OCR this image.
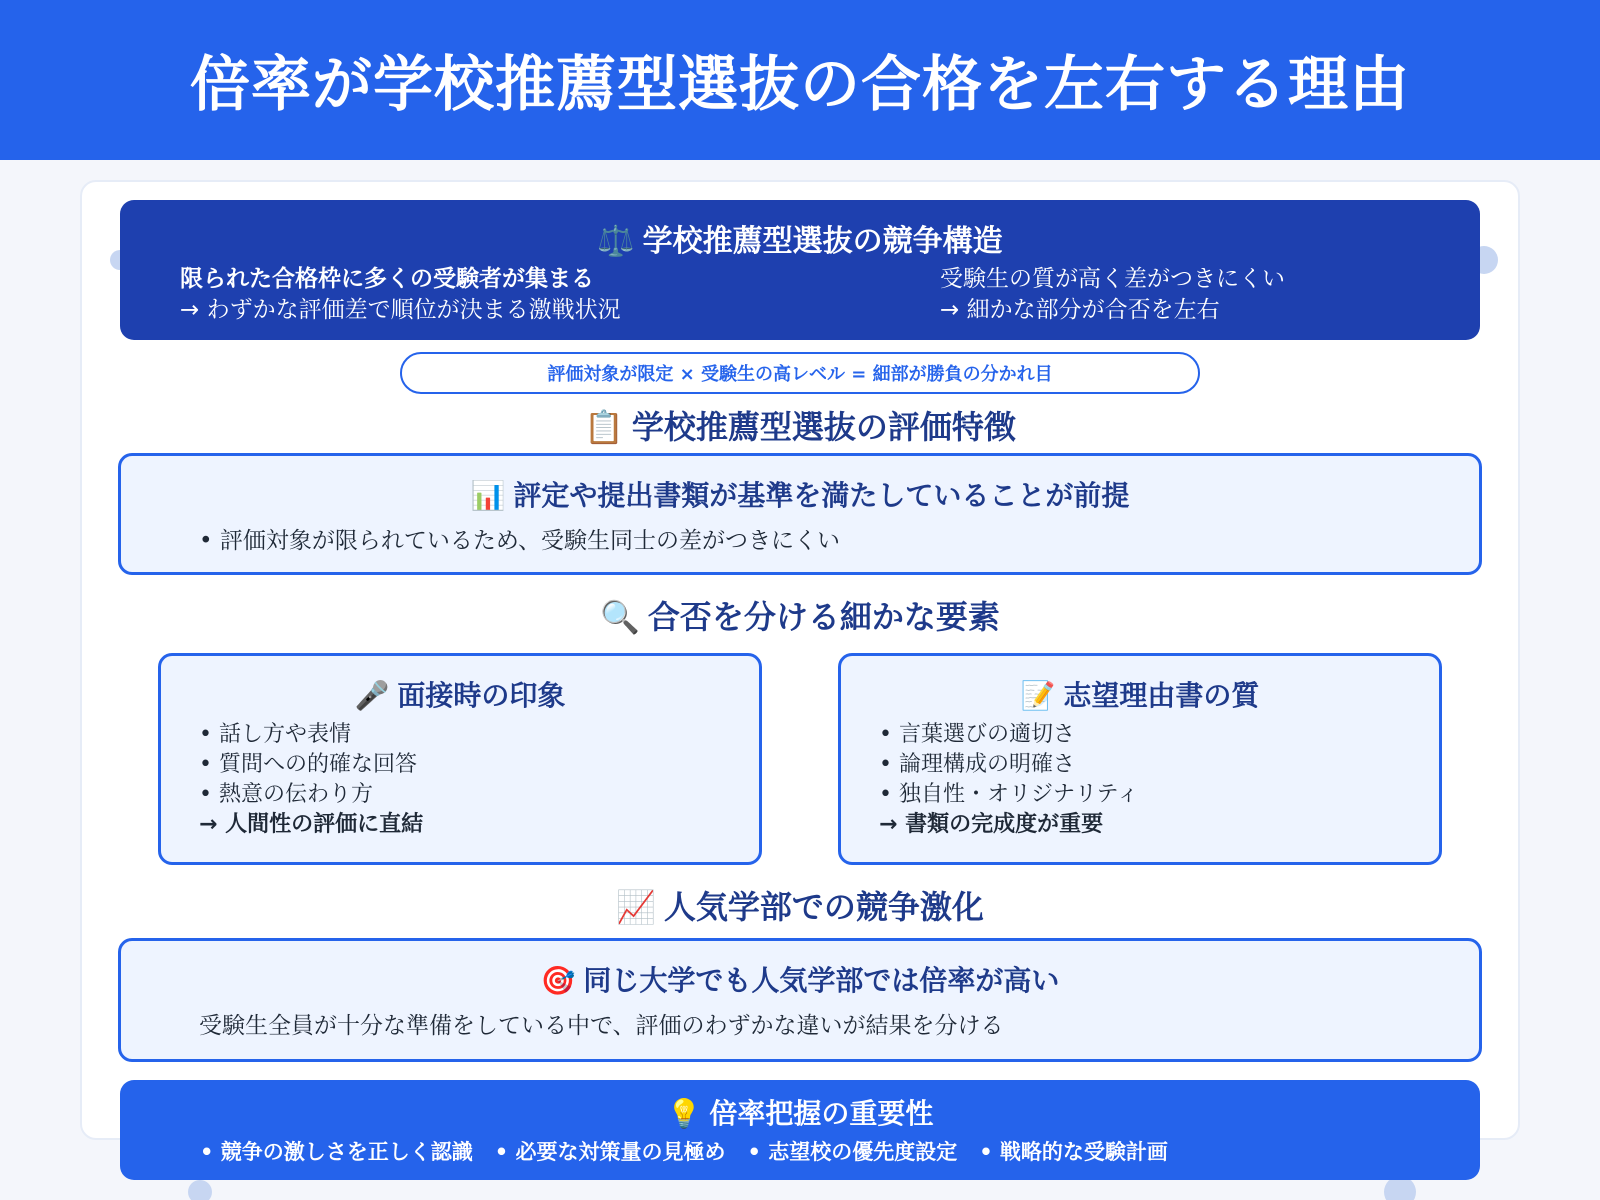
倍率が学校推薦型選抜の合格を左右する理由
⚖️ 学校推薦型選抜の競争構造
限られた合格枠に多くの受験者が集まる
→ わずかな評価差で順位が決まる激戦状況
受験生の質が高く差がつきにくい
→ 細かな部分が合否を左右
評価対象が限定 × 受験生の高レベル = 細部が勝負の分かれ目
📋 学校推薦型選抜の評価特徴
📊 評定や提出書類が基準を満たしていることが前提
• 評価対象が限られているため、受験生同士の差がつきにくい
🔍 合否を分ける細かな要素
🎤 面接時の印象
• 話し方や表情
• 質問への的確な回答
• 熱意の伝わり方
→ 人間性の評価に直結
📝 志望理由書の質
• 言葉選びの適切さ
• 論理構成の明確さ
• 独自性・オリジナリティ
→ 書類の完成度が重要
📈 人気学部での競争激化
🎯 同じ大学でも人気学部では倍率が高い
受験生全員が十分な準備をしている中で、評価のわずかな違いが結果を分ける
💡 倍率把握の重要性
• 競争の激しさを正しく認識 • 必要な対策量の見極め • 志望校の優先度設定 • 戦略的な受験計画
